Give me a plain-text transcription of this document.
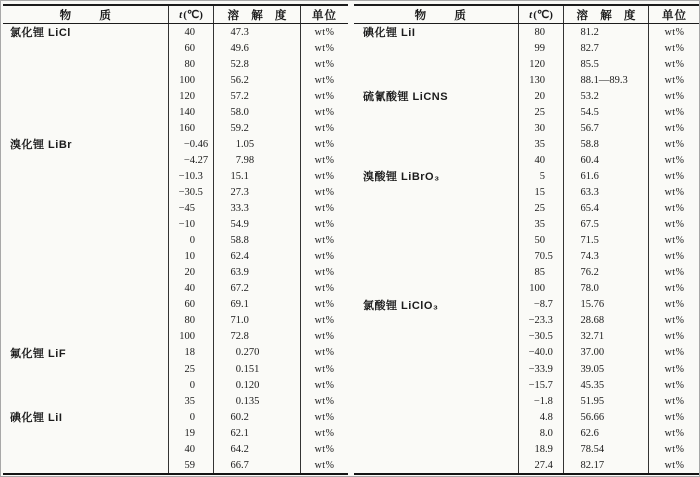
物 质	t (℃) 溶 解 度 单位
氯化锂 LiCl	40	47 .3	wt%
60	49 .6	wt%
80	52 .8	wt%
100	56 .2	wt%
120	57 .2	wt%
140	58 .0	wt%
160	59 .2	wt%
溴化锂 LiBr	−0 .46	1 .05	wt%
−4 .27	7 .98	wt%
−10 .3	15 .1	wt%
−30 .5	27 .3	wt%
−45	33 .3	wt%
−10	54 .9	wt%
0	58 .8	wt%
10	62 .4	wt%
20	63 .9	wt%
40	67 .2	wt%
60	69 .1	wt%
80	71 .0	wt%
100	72 .8	wt%
氟化锂 LiF	18	0 .270	wt%
25	0 .151	wt%
0	0 .120	wt%
35	0 .135	wt%
碘化锂 LiI	0	60 .2	wt%
19	62 .1	wt%
40	64 .2	wt%
59	66 .7	wt%
物 质	t (℃) 溶 解 度 单位
碘化锂 LiI	80	81 .2	wt%
99	82 .7	wt%
120	85 .5	wt%
130	88 .1—89.3	wt%
硫氰酸锂 LiCNS	20	53 .2	wt%
25	54 .5	wt%
30	56 .7	wt%
35	58 .8	wt%
40	60 .4	wt%
溴酸锂 LiBrO₃	5	61 .6	wt%
15	63 .3	wt%
25	65 .4	wt%
35	67 .5	wt%
50	71 .5	wt%
70 .5	74 .3	wt%
85	76 .2	wt%
100	78 .0	wt%
氯酸锂 LiClO₃	−8 .7	15 .76	wt%
−23 .3	28 .68	wt%
−30 .5	32 .71	wt%
−40 .0	37 .00	wt%
−33 .9	39 .05	wt%
−15 .7	45 .35	wt%
−1 .8	51 .95	wt%
4 .8	56 .66	wt%
8 .0	62 .6	wt%
18 .9	78 .54	wt%
27 .4	82 .17	wt%
